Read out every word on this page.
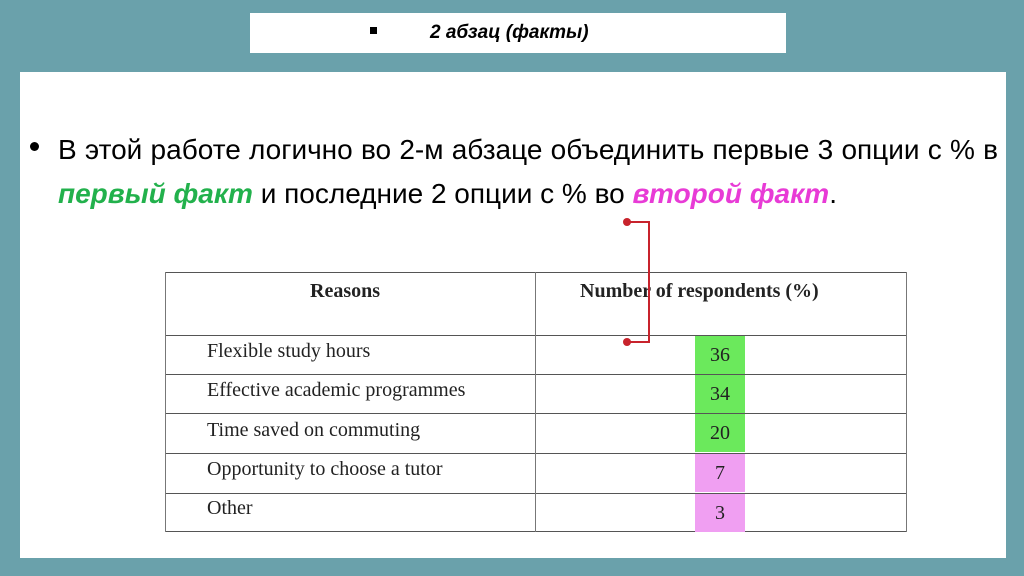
2 абзац (факты)
В этой работе логично во 2-м абзаце объединить первые 3 опции с % в первый факт и последние 2 опции с % во второй факт.
Reasons	Number of respondents (%)
Flexible study hours	36
Effective academic programmes	34
Time saved on commuting	20
Opportunity to choose a tutor	7
Other	3
